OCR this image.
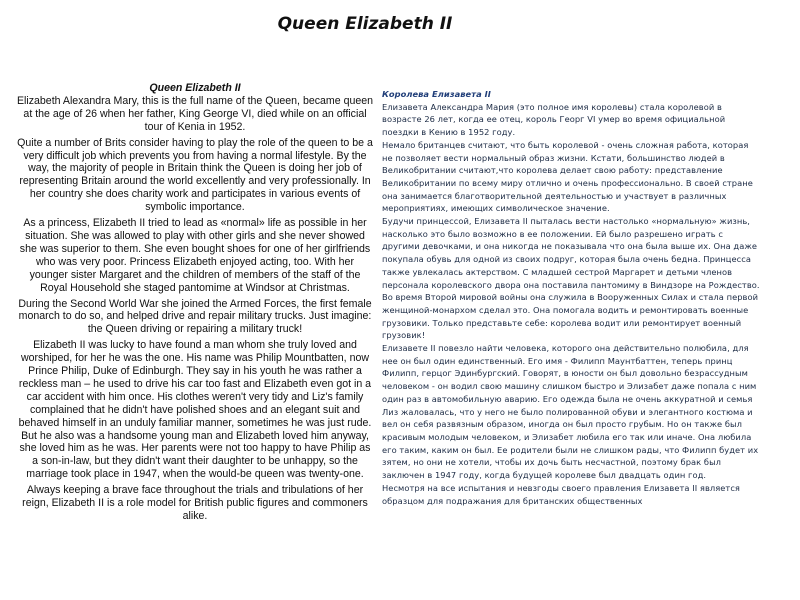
Queen Elizabeth II

Queen Elizabeth II

Elizabeth Alexandra Mary, this is the full name of the Queen, became queen at the age of 26 when her father, King George VI, died while on an official tour of Kenia in 1952.

Quite a number of Brits consider having to play the role of the queen to be a very difficult job which prevents you from having a normal lifestyle. By the way, the majority of people in Britain think the Queen is doing her job of representing Britain around the world excellently and very professionally. In her country she does charity work and participates in various events of symbolic importance.

As a princess, Elizabeth II tried to lead as «normal» life as possible in her situation. She was allowed to play with other girls and she never showed she was superior to them. She even bought shoes for one of her girlfriends who was very poor. Princess Elizabeth enjoyed acting, too. With her younger sister Margaret and the children of members of the staff of the Royal Household she staged pantomime at Windsor at Christmas.

During the Second World War she joined the Armed Forces, the first female monarch to do so, and helped drive and repair military trucks. Just imagine: the Queen driving or repairing a military truck!

Elizabeth II was lucky to have found a man whom she truly loved and worshiped, for her he was the one. His name was Philip Mountbatten, now Prince Philip, Duke of Edinburgh. They say in his youth he was rather a reckless man – he used to drive his car too fast and Elizabeth even got in a car accident with him once. His clothes weren't very tidy and Liz's family complained that he didn't have polished shoes and an elegant suit and behaved himself in an unduly familiar manner, sometimes he was just rude. But he also was a handsome young man and Elizabeth loved him anyway, she loved him as he was. Her parents were not too happy to have Philip as a son-in-law, but they didn't want their daughter to be unhappy, so the marriage took place in 1947, when the would-be queen was twenty-one.

Always keeping a brave face throughout the trials and tribulations of her reign, Elizabeth II is a role model for British public figures and commoners alike.

Королева Елизавета II

Елизавета Александра Мария (это полное имя королевы) стала королевой в возрасте 26 лет, когда ее отец, король Георг VI умер во время официальной поездки в Кению в 1952 году.

Немало британцев считают, что быть королевой - очень сложная работа, которая не позволяет вести нормальный образ жизни. Кстати, большинство людей в Великобритании считают,что королева делает свою работу: представление Великобритании по всему миру отлично и очень профессионально. В своей стране она занимается благотворительной деятельностью и участвует в различных мероприятиях, имеющих символическое значение.

Будучи принцессой, Елизавета II пыталась вести настолько «нормальную» жизнь, насколько это было возможно в ее положении. Ей было разрешено играть с другими девочками, и она никогда не показывала что она была выше их. Она даже покупала обувь для одной из своих подруг, которая была очень бедна. Принцесса также увлекалась актерством. С младшей сестрой Маргарет и детьми членов персонала королевского двора она поставила пантомиму в Виндзоре на Рождество.

Во время Второй мировой войны она служила в Вооруженных Силах и стала первой женщиной-монархом сделал это. Она помогала водить и ремонтировать военные грузовики. Только представьте себе: королева водит или ремонтирует военный грузовик!

Елизавете II повезло найти человека, которого она действительно полюбила, для нее он был один единственный. Его имя - Филипп Маунтбаттен, теперь принц Филипп, герцог Эдинбургский. Говорят, в юности он был довольно безрассудным человеком - он водил свою машину слишком быстро и Элизабет даже попала с ним один раз в автомобильную аварию. Его одежда была не очень аккуратной и семья Лиз жаловалась, что у него не было полированной обуви и элегантного костюма и вел он себя развязным образом, иногда он был просто грубым. Но он также был красивым молодым человеком, и Элизабет любила его так или иначе. Она любила его таким, каким он был. Ее родители были не слишком рады, что Филипп будет их зятем, но они не хотели, чтобы их дочь быть несчастной, поэтому брак был заключен в 1947 году, когда будущей королеве был двадцать один год.

Несмотря на все испытания и невзгоды своего правления Елизавета II является образцом для подражания для британских общественных
